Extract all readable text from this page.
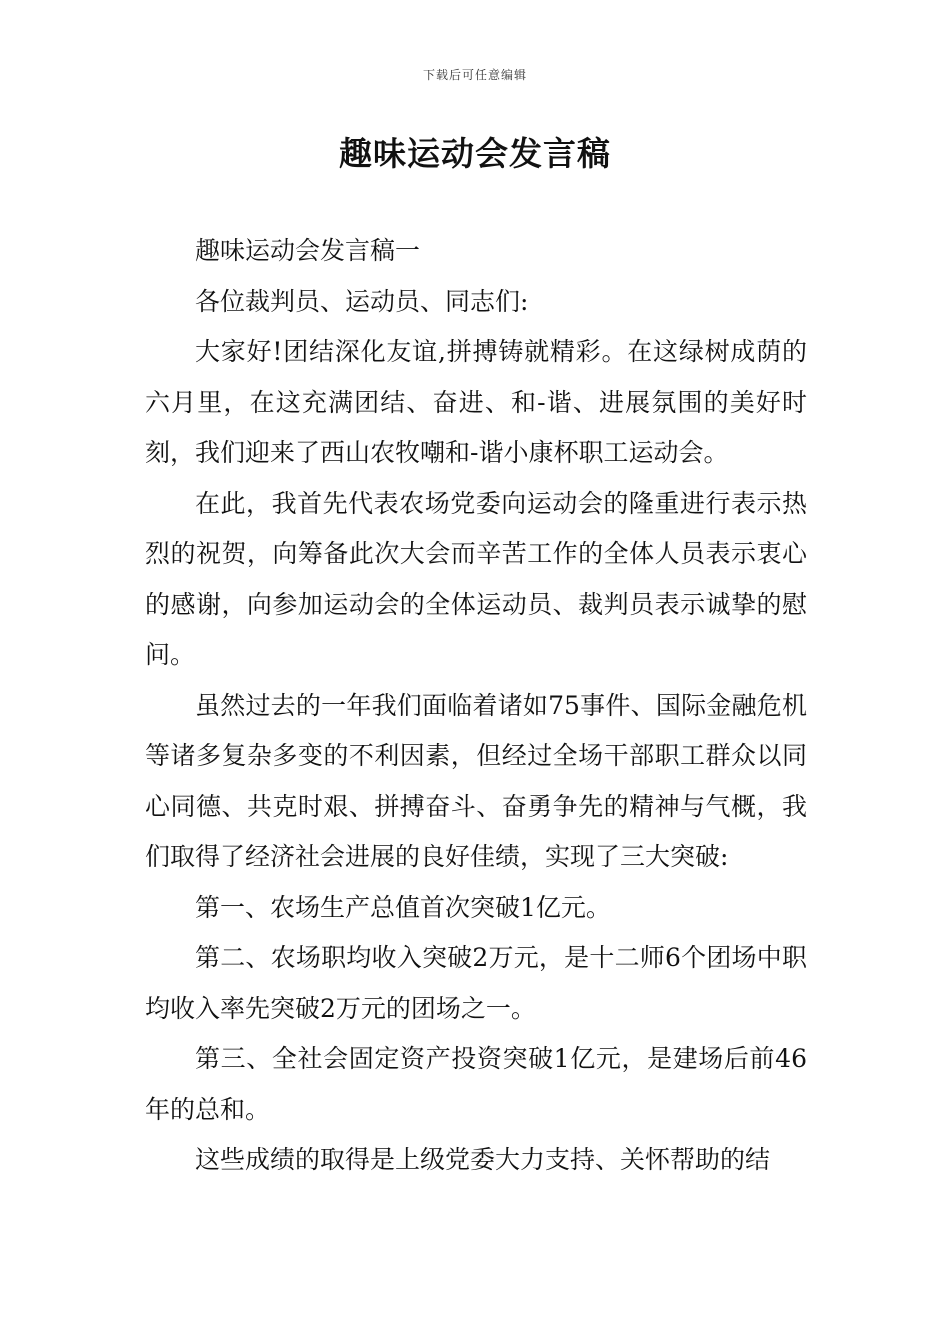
下载后可任意编辑
趣味运动会发言稿

趣味运动会发言稿一

各位裁判员、运动员、同志们:

大家好!团结深化友谊,拼搏铸就精彩。在这绿树成荫的六月里，在这充满团结、奋进、和-谐、进展氛围的美好时刻，我们迎来了西山农牧嘲和-谐小康杯职工运动会。

在此，我首先代表农场党委向运动会的隆重进行表示热烈的祝贺，向筹备此次大会而辛苦工作的全体人员表示衷心的感谢，向参加运动会的全体运动员、裁判员表示诚挚的慰问。

虽然过去的一年我们面临着诸如75事件、国际金融危机等诸多复杂多变的不利因素，但经过全场干部职工群众以同心同德、共克时艰、拼搏奋斗、奋勇争先的精神与气概，我们取得了经济社会进展的良好佳绩，实现了三大突破:

第一、农场生产总值首次突破1亿元。

第二、农场职均收入突破2万元，是十二师6个团场中职均收入率先突破2万元的团场之一。

第三、全社会固定资产投资突破1亿元，是建场后前46年的总和。

这些成绩的取得是上级党委大力支持、关怀帮助的结
